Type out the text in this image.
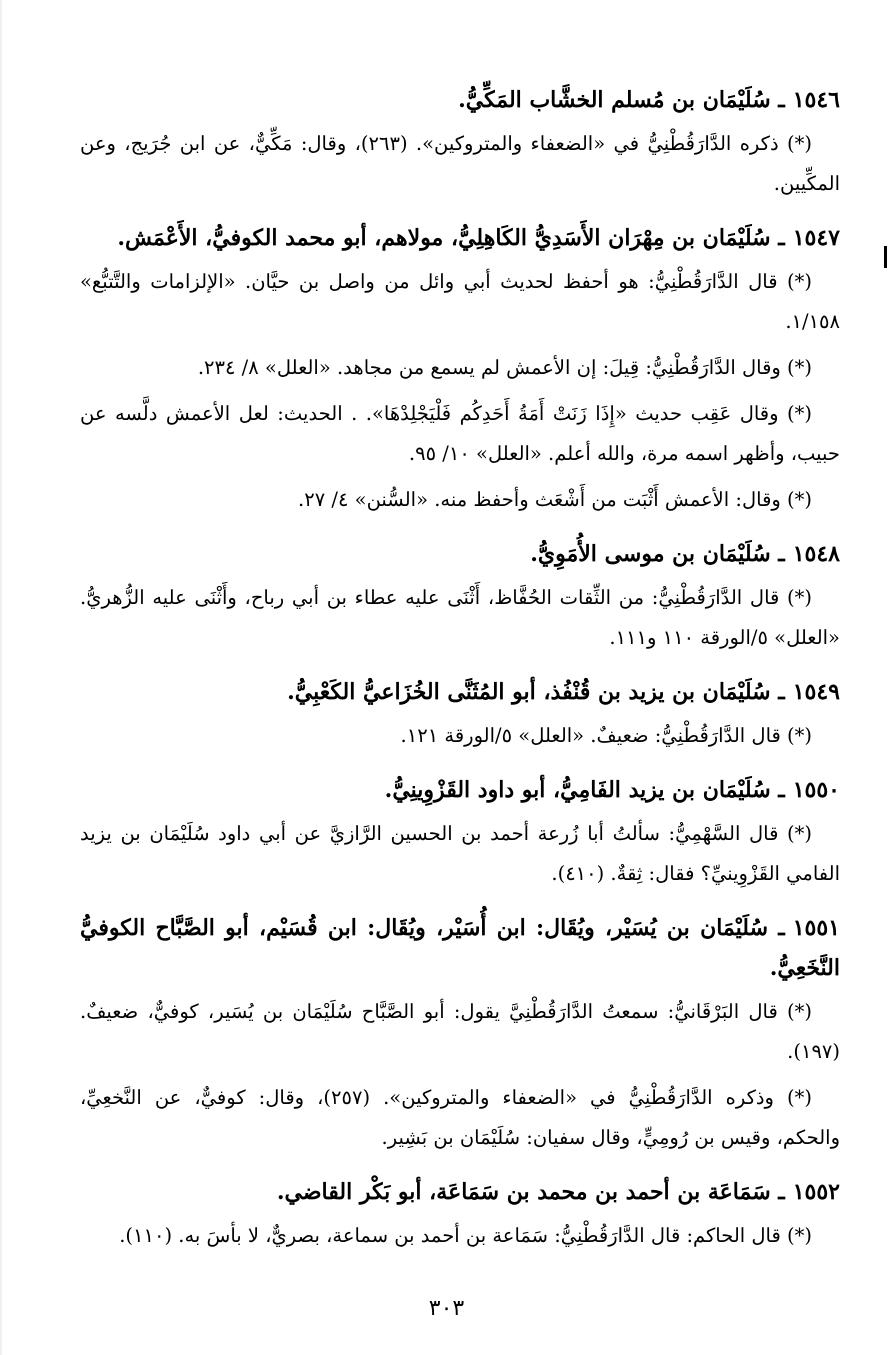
١٥٤٦ـ سُلَيْمَان بن مُسلم الخشَّاب المَكِّيُّ.
(*) ذكره الدَّارَقُطْنِيُّ في «الضعفاء والمتروكين». (٢٦٣)، وقال: مَكِّيٌّ، عن ابن جُرَيج، وعن المكِّيين.
١٥٤٧ـ سُلَيْمَان بن مِهْرَان الأَسَدِيُّ الكَاهِلِيُّ، مولاهم، أبو محمد الكوفيُّ، الأَعْمَش.
(*) قال الدَّارَقُطْنِيُّ: هو أحفظ لحديث أبي وائل من واصل بن حيَّان. «الإلزامات والتَّتبُّع» ١/١٥٨.
(*) وقال الدَّارَقُطْنِيُّ: قِيلَ: إن الأعمش لم يسمع من مجاهد. «العلل» ٨/ ٢٣٤.
(*) وقال عَقِب حديث «إِذَا زَنَتْ أَمَةُ أَحَدِكُم فَلْيَجْلِدْهَا». . الحديث: لعل الأعمش دلَّسه عن حبيب، وأظهر اسمه مرة، والله أعلم. «العلل» ١٠/ ٩٥.
(*) وقال: الأعمش أَثْبَت من أَشْعَث وأحفظ منه. «السُّنن» ٤/ ٢٧.
١٥٤٨ـ سُلَيْمَان بن موسى الأُمَوِيُّ.
(*) قال الدَّارَقُطْنِيُّ: من الثِّقات الحُفَّاظ، أَثْنَى عليه عطاء بن أبي رباح، وأَثْنَى عليه الزُّهريُّ. «العلل» ٥/الورقة ١١٠ و١١١.
١٥٤٩ـ سُلَيْمَان بن يزيد بن قُنْفُذ، أبو المُثَنَّى الخُزَاعيُّ الكَعْبِيُّ.
(*) قال الدَّارَقُطْنِيُّ: ضعيفٌ. «العلل» ٥/الورقة ١٢١.
١٥٥٠ـ سُلَيْمَان بن يزيد الفَامِيُّ، أبو داود القَزْوِينِيُّ.
(*) قال السَّهْمِيُّ: سألتُ أبا زُرعة أحمد بن الحسين الرَّازيَّ عن أبي داود سُلَيْمَان بن يزيد الفامي القَزْوِينيِّ؟ فقال: ثِقةٌ. (٤١٠).
١٥٥١ـ سُلَيْمَان بن يُسَيْر، ويُقَال: ابن أُسَيْر، ويُقَال: ابن قُسَيْم، أبو الصَّبَّاح الكوفيُّ النَّخَعِيُّ.
(*) قال البَرْقَانيُّ: سمعتُ الدَّارَقُطْنِيَّ يقول: أبو الصَّبَّاح سُلَيْمَان بن يُسَير، كوفيٌّ، ضعيفٌ. (١٩٧).
(*) وذكره الدَّارَقُطْنِيُّ في «الضعفاء والمتروكين». (٢٥٧)، وقال: كوفيٌّ، عن النَّخعِيِّ، والحكم، وقيس بن رُومِيٍّ، وقال سفيان: سُلَيْمَان بن بَشِير.
١٥٥٢ـ سَمَاعَة بن أحمد بن محمد بن سَمَاعَة، أبو بَكْر القاضي.
(*) قال الحاكم: قال الدَّارَقُطْنِيُّ: سَمَاعة بن أحمد بن سماعة، بصريٌّ، لا بأسَ به. (١١٠).
٣٠٣
